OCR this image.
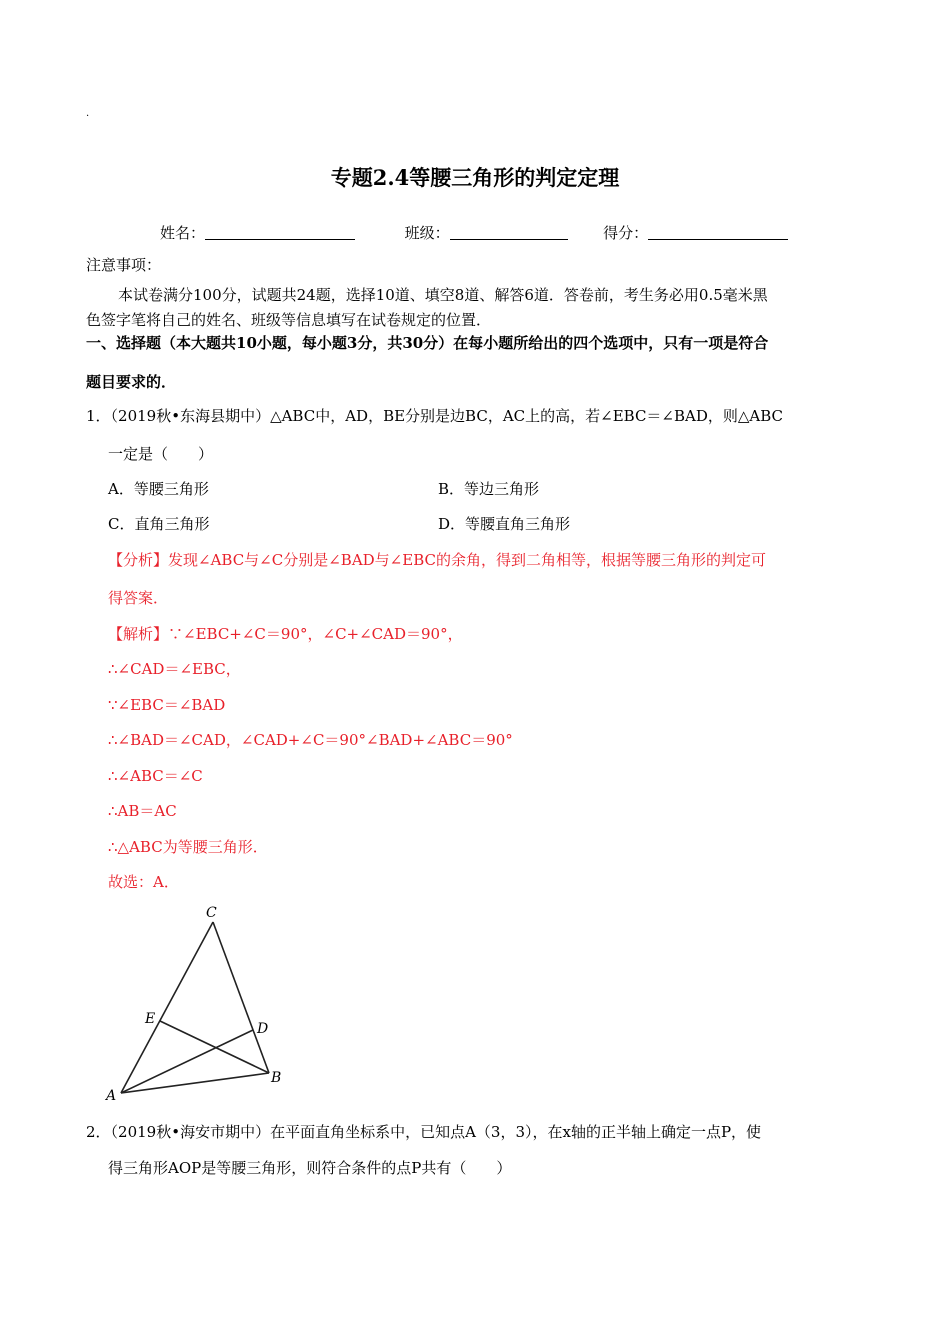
.
专题2.4等腰三角形的判定定理
姓名：	班级：	得分：
注意事项：
本试卷满分100分，试题共24题，选择10道、填空8道、解答6道．答卷前，考生务必用0.5毫米黑
色签字笔将自己的姓名、班级等信息填写在试卷规定的位置．
一、选择题（本大题共10小题，每小题3分，共30分）在每小题所给出的四个选项中，只有一项是符合
题目要求的．
1．（2019秋•东海县期中）△ABC中，AD，BE分别是边BC，AC上的高，若∠EBC＝∠BAD，则△ABC
一定是（　　）
A．等腰三角形	B．等边三角形
C．直角三角形	D．等腰直角三角形
【分析】发现∠ABC与∠C分别是∠BAD与∠EBC的余角，得到二角相等，根据等腰三角形的判定可
得答案．
【解析】∵∠EBC+∠C＝90°，∠C+∠CAD＝90°，
∴∠CAD＝∠EBC，
∵∠EBC＝∠BAD
∴∠BAD＝∠CAD，∠CAD+∠C＝90°∠BAD+∠ABC＝90°
∴∠ABC＝∠C
∴AB＝AC
∴△ABC为等腰三角形．
故选：A．
C
E
D
A
B
2．（2019秋•海安市期中）在平面直角坐标系中，已知点A（3，3），在x轴的正半轴上确定一点P，使
得三角形AOP是等腰三角形，则符合条件的点P共有（　　）
